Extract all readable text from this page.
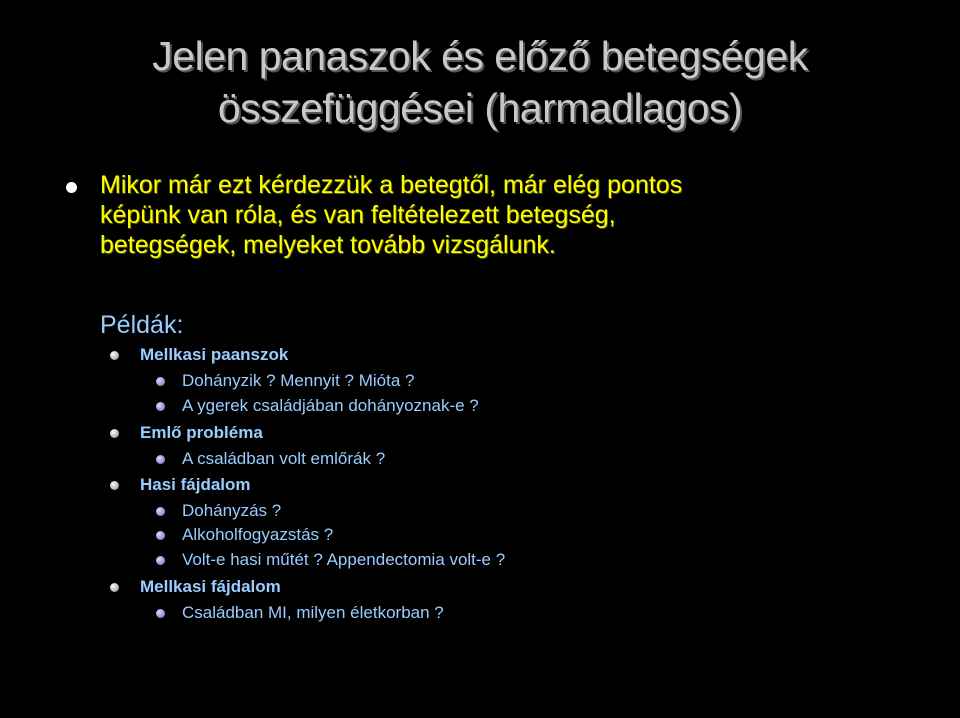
Jelen panaszok és előző betegségek
összefüggései (harmadlagos)
Mikor már ezt kérdezzük a betegtől, már elég pontos
képünk van róla, és van feltételezett betegség,
betegségek, melyeket tovább vizsgálunk.
Példák:
Mellkasi paanszok
Dohányzik ? Mennyit ? Mióta ?
A ygerek családjában dohányoznak-e ?
Emlő probléma
A családban volt emlőrák ?
Hasi fájdalom
Dohányzás ?
Alkoholfogyazstás ?
Volt-e hasi műtét ? Appendectomia volt-e ?
Mellkasi fájdalom
Családban MI, milyen életkorban ?
